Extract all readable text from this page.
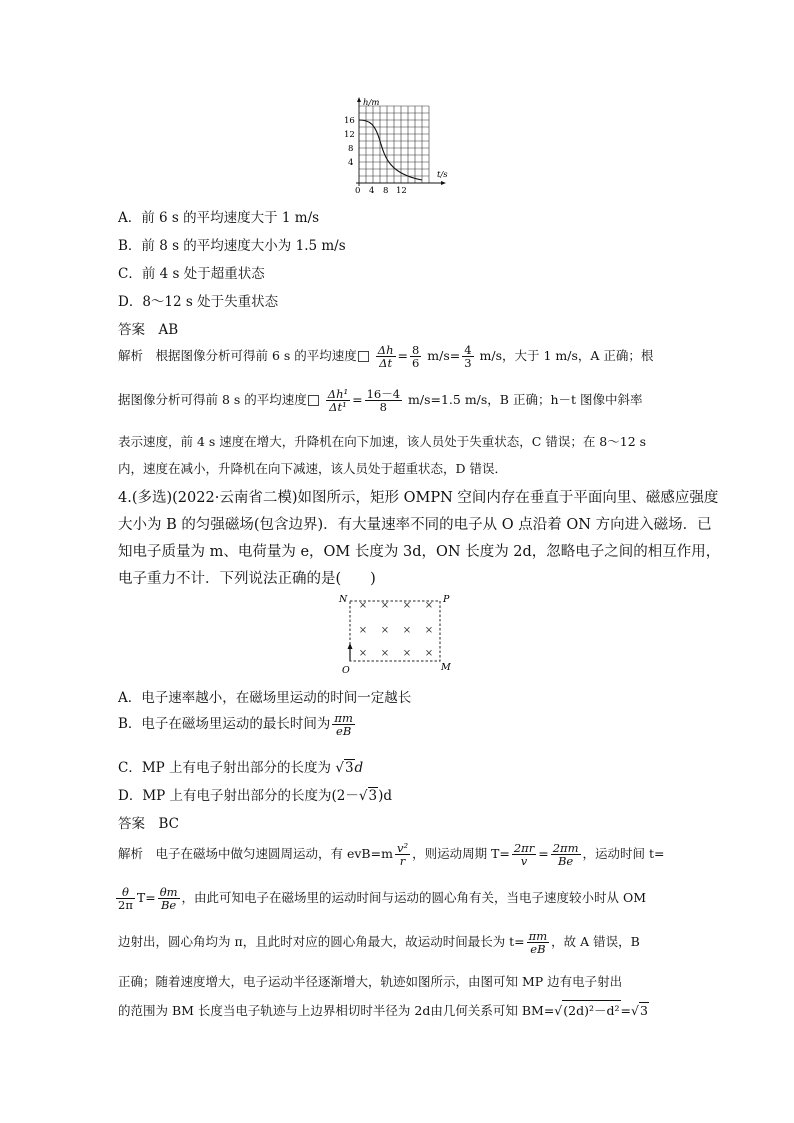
h/m
t/s
16
12
8
4
0 4 8 12
A．前 6 s 的平均速度大于 1 m/s
B．前 8 s 的平均速度大小为 1.5 m/s
C．前 4 s 处于超重状态
D．8～12 s 处于失重状态
答案　AB
解析　根据图像分析可得前 6 s 的平均速度 $\frac{\Delta h}{\Delta t} = \frac{8}{6} m/s= \frac{4}{3} m/s$，大于 1 m/s，A 正确；根
据图像分析可得前 8 s 的平均速度 $\frac{\text{Δh¹}}{\text{Δt¹}} = \frac{16-4}{8} m/s=1.5$ m/s，B 正确；h－t 图像中斜率
表示速度，前 4 s 速度在增大，升降机在向下加速，该人员处于失重状态，C 错误；在 8～12 s
内，速度在减小，升降机在向下减速，该人员处于超重状态，D 错误．
4.(多选)(2022·云南省二模)如图所示，矩形 OMPN 空间内存在垂直于平面向里、磁感应强度
大小为 B 的匀强磁场(包含边界)．有大量速率不同的电子从 O 点沿着 ON 方向进入磁场．已
知电子质量为 m、电荷量为 e，OM 长度为 3d，ON 长度为 2d，忽略电子之间的相互作用，
电子重力不计．下列说法正确的是(　　)
× × × ×
× × × ×
× × × ×
N	P
O	M
A．电子速率越小，在磁场里运动的时间一定越长
B．电子在磁场里运动的最长时间为 $\frac{\pi m}{eB}$
C．MP 上有电子射出部分的长度为 √3d
D．MP 上有电子射出部分的长度为(2－√3)d
答案　BC
解析　电子在磁场中做匀速圆周运动，有 $evB=m \frac{\text{v²}}{r}$ ，则运动周期 $T= \frac{2\pi r}{v} = \frac{2\pi m}{Be}$ ，运动时间 t=
$\frac{\theta}{2\pi} T= \frac{\theta m}{Be}$ ，由此可知电子在磁场里的运动时间与运动的圆心角有关，当电子速度较小时从 OM
边射出，圆心角均为 π，且此时对应的圆心角最大，故运动时间最长为 $t= \frac{\pi m}{eB}$ ，故 A 错误，B
正确；随着速度增大，电子运动半径逐渐增大，轨迹如图所示，由图可知 MP 边有电子射出
的范围为 BM 长度当电子轨迹与上边界相切时半径为 2d由几何关系可知 BM=√(2d)²－d²=√3
